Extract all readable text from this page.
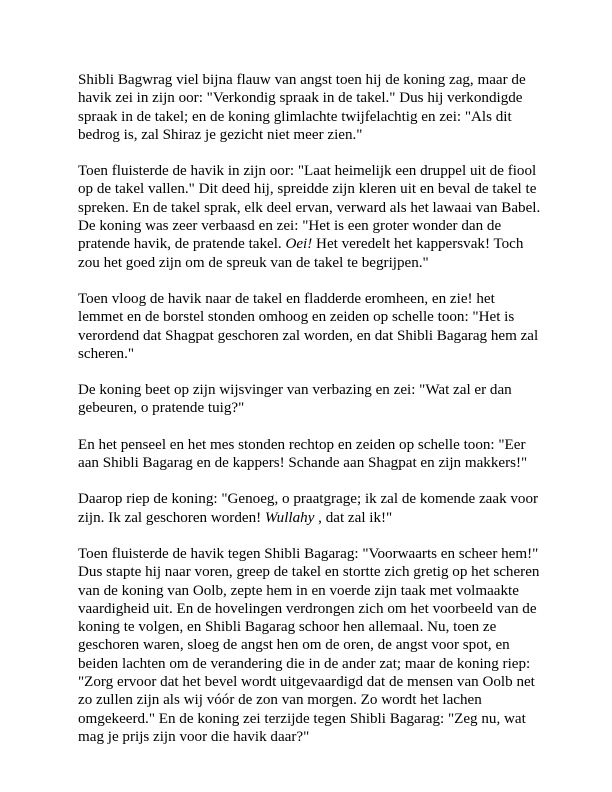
Shibli Bagwrag viel bijna flauw van angst toen hij de koning zag, maar de havik zei in zijn oor: "Verkondig spraak in de takel." Dus hij verkondigde spraak in de takel; en de koning glimlachte twijfelachtig en zei: "Als dit bedrog is, zal Shiraz je gezicht niet meer zien."

Toen fluisterde de havik in zijn oor: "Laat heimelijk een druppel uit de fiool op de takel vallen." Dit deed hij, spreidde zijn kleren uit en beval de takel te spreken. En de takel sprak, elk deel ervan, verward als het lawaai van Babel. De koning was zeer verbaasd en zei: "Het is een groter wonder dan de pratende havik, de pratende takel. Oei! Het veredelt het kappersvak! Toch zou het goed zijn om de spreuk van de takel te begrijpen."

Toen vloog de havik naar de takel en fladderde eromheen, en zie! het lemmet en de borstel stonden omhoog en zeiden op schelle toon: "Het is verordend dat Shagpat geschoren zal worden, en dat Shibli Bagarag hem zal scheren."

De koning beet op zijn wijsvinger van verbazing en zei: "Wat zal er dan gebeuren, o pratende tuig?"

En het penseel en het mes stonden rechtop en zeiden op schelle toon: "Eer aan Shibli Bagarag en de kappers! Schande aan Shagpat en zijn makkers!"

Daarop riep de koning: "Genoeg, o praatgrage; ik zal de komende zaak voor zijn. Ik zal geschoren worden! Wullahy , dat zal ik!"

Toen fluisterde de havik tegen Shibli Bagarag: "Voorwaarts en scheer hem!" Dus stapte hij naar voren, greep de takel en stortte zich gretig op het scheren van de koning van Oolb, zepte hem in en voerde zijn taak met volmaakte vaardigheid uit. En de hovelingen verdrongen zich om het voorbeeld van de koning te volgen, en Shibli Bagarag schoor hen allemaal. Nu, toen ze geschoren waren, sloeg de angst hen om de oren, de angst voor spot, en beiden lachten om de verandering die in de ander zat; maar de koning riep: "Zorg ervoor dat het bevel wordt uitgevaardigd dat de mensen van Oolb net zo zullen zijn als wij vóór de zon van morgen. Zo wordt het lachen omgekeerd." En de koning zei terzijde tegen Shibli Bagarag: "Zeg nu, wat mag je prijs zijn voor die havik daar?"
